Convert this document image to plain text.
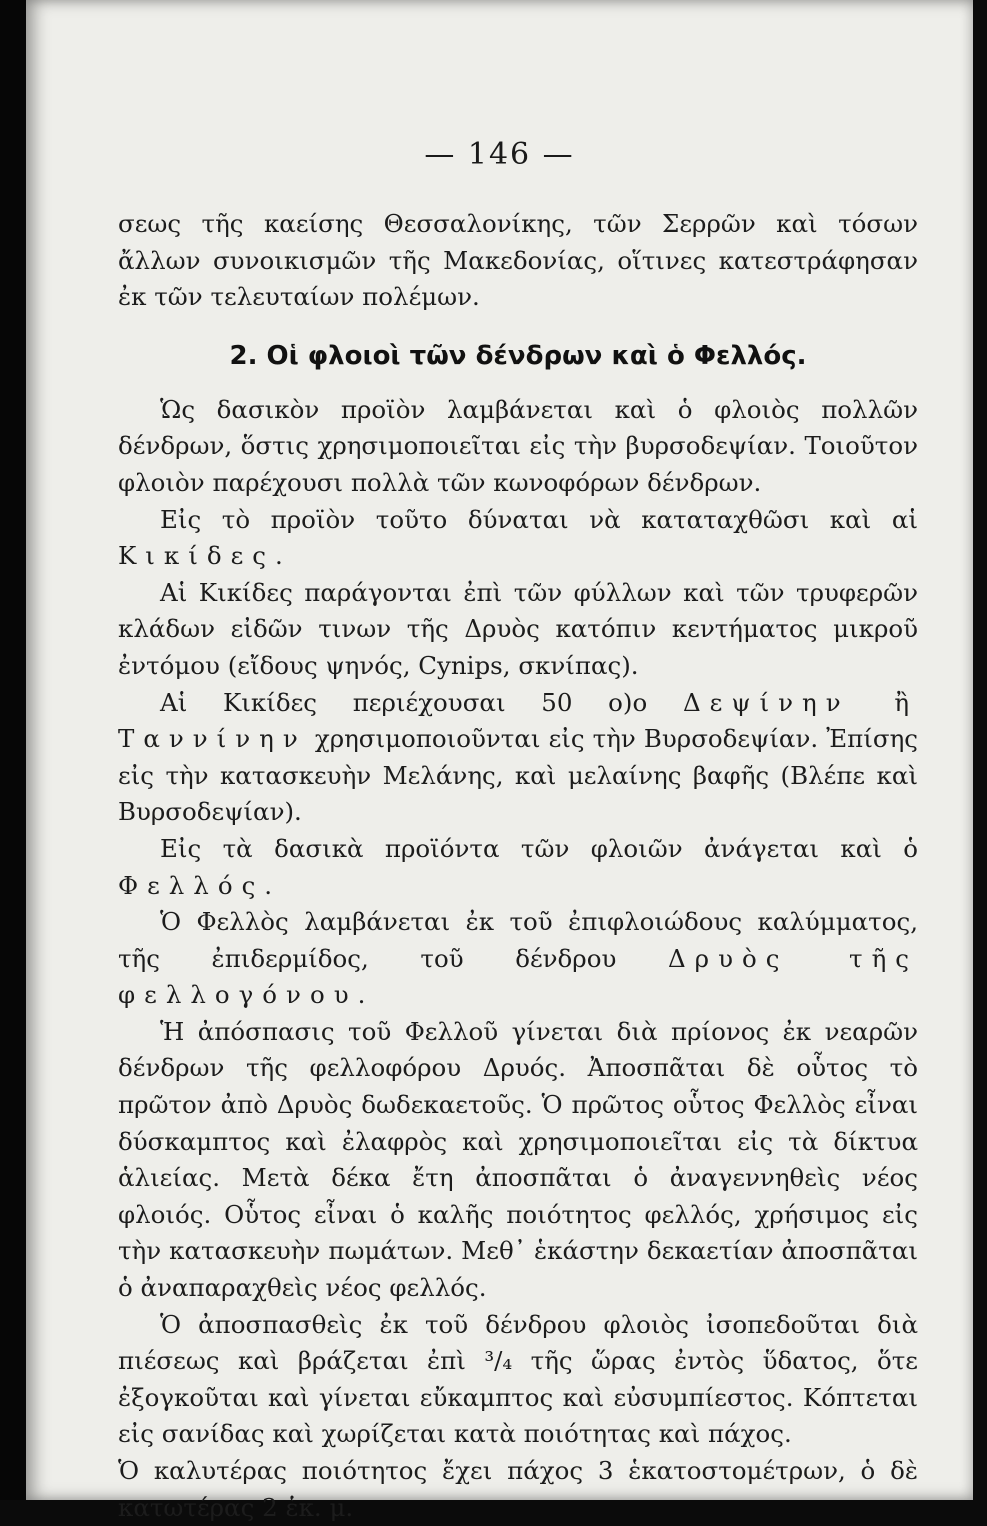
— 146 —

σεως τῆς καείσης Θεσσαλονίκης, τῶν Σερρῶν καὶ τόσων ἄλλων συνοικισμῶν τῆς Μακεδονίας, οἵτινες κατεστράφησαν ἐκ τῶν τελευταίων πολέμων.

2. Οἱ φλοιοὶ τῶν δένδρων καὶ ὁ Φελλός.

Ὡς δασικὸν προϊὸν λαμβάνεται καὶ ὁ φλοιὸς πολλῶν δένδρων, ὅστις χρησιμοποιεῖται εἰς τὴν βυρσοδεψίαν. Τοιοῦτον φλοιὸν παρέχουσι πολλὰ τῶν κωνοφόρων δένδρων.

Εἰς τὸ προϊὸν τοῦτο δύναται νὰ καταταχθῶσι καὶ αἱ Κικίδες.

Αἱ Κικίδες παράγονται ἐπὶ τῶν φύλλων καὶ τῶν τρυφερῶν κλάδων εἰδῶν τινων τῆς Δρυὸς κατόπιν κεντήματος μικροῦ ἐντόμου (εἴδους ψηνός, Cynips, σκνίπας).

Αἱ Κικίδες περιέχουσαι 50 ο)ο Δεψίνην ἢ Ταννίνην χρησιμοποιοῦνται εἰς τὴν Βυρσοδεψίαν. Ἐπίσης εἰς τὴν κατασκευὴν Μελάνης, καὶ μελαίνης βαφῆς (Βλέπε καὶ Βυρσοδεψίαν).

Εἰς τὰ δασικὰ προϊόντα τῶν φλοιῶν ἀνάγεται καὶ ὁ Φελλός.

Ὁ Φελλὸς λαμβάνεται ἐκ τοῦ ἐπιφλοιώδους καλύμματος, τῆς ἐπιδερμίδος, τοῦ δένδρου Δρυὸς τῆς φελλογόνου.

Ἡ ἀπόσπασις τοῦ Φελλοῦ γίνεται διὰ πρίονος ἐκ νεαρῶν δένδρων τῆς φελλοφόρου Δρυός. Ἀποσπᾶται δὲ οὗτος τὸ πρῶτον ἀπὸ Δρυὸς δωδεκαετοῦς. Ὁ πρῶτος οὗτος Φελλὸς εἶναι δύσκαμπτος καὶ ἐλαφρὸς καὶ χρησιμοποιεῖται εἰς τὰ δίκτυα ἁλιείας. Μετὰ δέκα ἔτη ἀποσπᾶται ὁ ἀναγεννηθεὶς νέος φλοιός. Οὗτος εἶναι ὁ καλῆς ποιότητος φελλός, χρήσιμος εἰς τὴν κατασκευὴν πωμάτων. Μεθ᾽ ἑκάστην δεκαετίαν ἀποσπᾶται ὁ ἀναπαραχθεὶς νέος φελλός.

Ὁ ἀποσπασθεὶς ἐκ τοῦ δένδρου φλοιὸς ἰσοπεδοῦται διὰ πιέσεως καὶ βράζεται ἐπὶ ³/₄ τῆς ὥρας ἐντὸς ὕδατος, ὅτε ἐξογκοῦται καὶ γίνεται εὔκαμπτος καὶ εὐσυμπίεστος. Κόπτεται εἰς σανίδας καὶ χωρίζεται κατὰ ποιότητας καὶ πάχος.

Ὁ καλυτέρας ποιότητος ἔχει πάχος 3 ἑκατοστομέτρων, ὁ δὲ κατωτέρας 2 ἑκ. μ.
